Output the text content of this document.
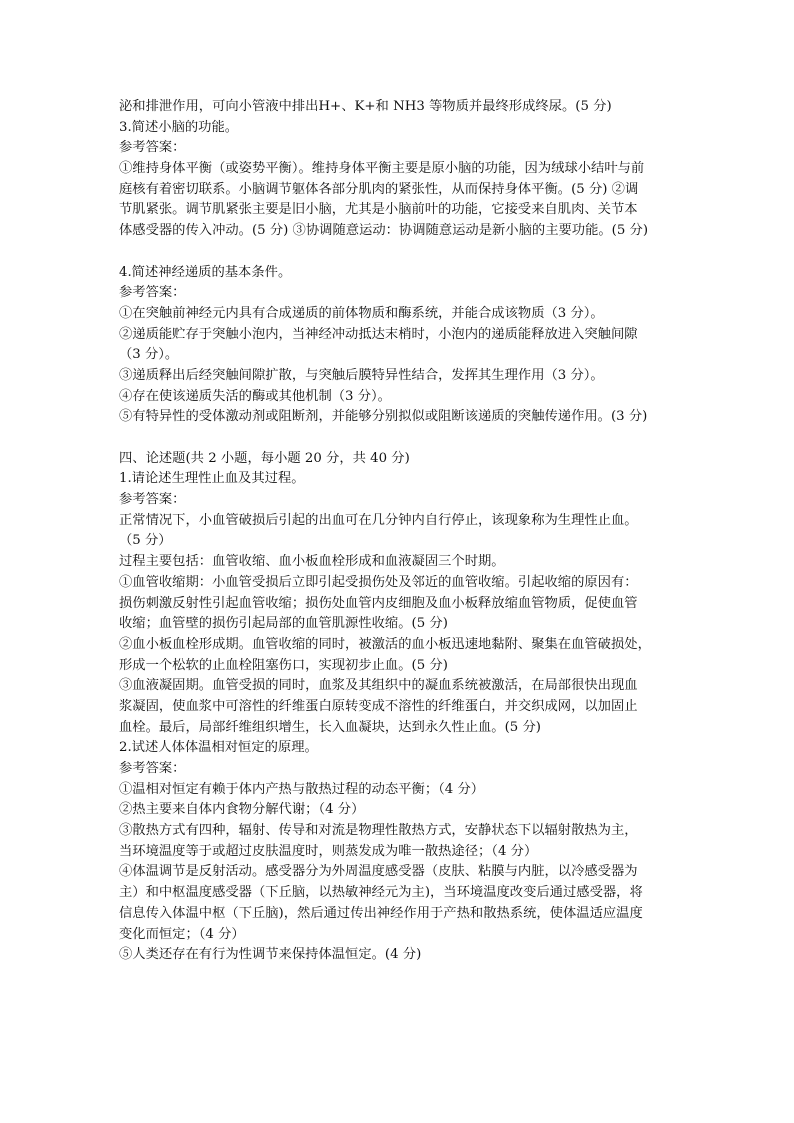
泌和排泄作用，可向小管液中排出H+、K+和 NH3 等物质并最终形成终尿。(5 分)
3.简述小脑的功能。
参考答案：
①维持身体平衡（或姿势平衡）。维持身体平衡主要是原小脑的功能，因为绒球小结叶与前
庭核有着密切联系。小脑调节躯体各部分肌肉的紧张性，从而保持身体平衡。(5 分) ②调
节肌紧张。调节肌紧张主要是旧小脑，尤其是小脑前叶的功能，它接受来自肌肉、关节本
体感受器的传入冲动。(5 分) ③协调随意运动：协调随意运动是新小脑的主要功能。(5 分)
4.简述神经递质的基本条件。
参考答案：
①在突触前神经元内具有合成递质的前体物质和酶系统，并能合成该物质（3 分）。
②递质能贮存于突触小泡内，当神经冲动抵达末梢时，小泡内的递质能释放进入突触间隙
（3 分）。
③递质释出后经突触间隙扩散，与突触后膜特异性结合，发挥其生理作用（3 分）。
④存在使该递质失活的酶或其他机制（3 分）。
⑤有特异性的受体激动剂或阻断剂，并能够分别拟似或阻断该递质的突触传递作用。(3 分)
四、论述题(共 2 小题，每小题 20 分，共 40 分)
1.请论述生理性止血及其过程。
参考答案：
正常情况下，小血管破损后引起的出血可在几分钟内自行停止，该现象称为生理性止血。
（5 分）
过程主要包括：血管收缩、血小板血栓形成和血液凝固三个时期。
①血管收缩期：小血管受损后立即引起受损伤处及邻近的血管收缩。引起收缩的原因有：
损伤刺激反射性引起血管收缩；损伤处血管内皮细胞及血小板释放缩血管物质，促使血管
收缩；血管壁的损伤引起局部的血管肌源性收缩。(5 分)
②血小板血栓形成期。血管收缩的同时，被激活的血小板迅速地黏附、聚集在血管破损处，
形成一个松软的止血栓阻塞伤口，实现初步止血。(5 分)
③血液凝固期。血管受损的同时，血浆及其组织中的凝血系统被激活，在局部很快出现血
浆凝固，使血浆中可溶性的纤维蛋白原转变成不溶性的纤维蛋白，并交织成网，以加固止
血栓。最后，局部纤维组织增生，长入血凝块，达到永久性止血。(5 分)
2.试述人体体温相对恒定的原理。
参考答案：
①温相对恒定有赖于体内产热与散热过程的动态平衡；（4 分）
②热主要来自体内食物分解代谢；（4 分）
③散热方式有四种，辐射、传导和对流是物理性散热方式，安静状态下以辐射散热为主，
当环境温度等于或超过皮肤温度时，则蒸发成为唯一散热途径；（4 分）
④体温调节是反射活动。感受器分为外周温度感受器（皮肤、粘膜与内脏，以冷感受器为
主）和中枢温度感受器（下丘脑，以热敏神经元为主)，当环境温度改变后通过感受器，将
信息传入体温中枢（下丘脑)，然后通过传出神经作用于产热和散热系统，使体温适应温度
变化而恒定；（4 分）
⑤人类还存在有行为性调节来保持体温恒定。(4 分)
